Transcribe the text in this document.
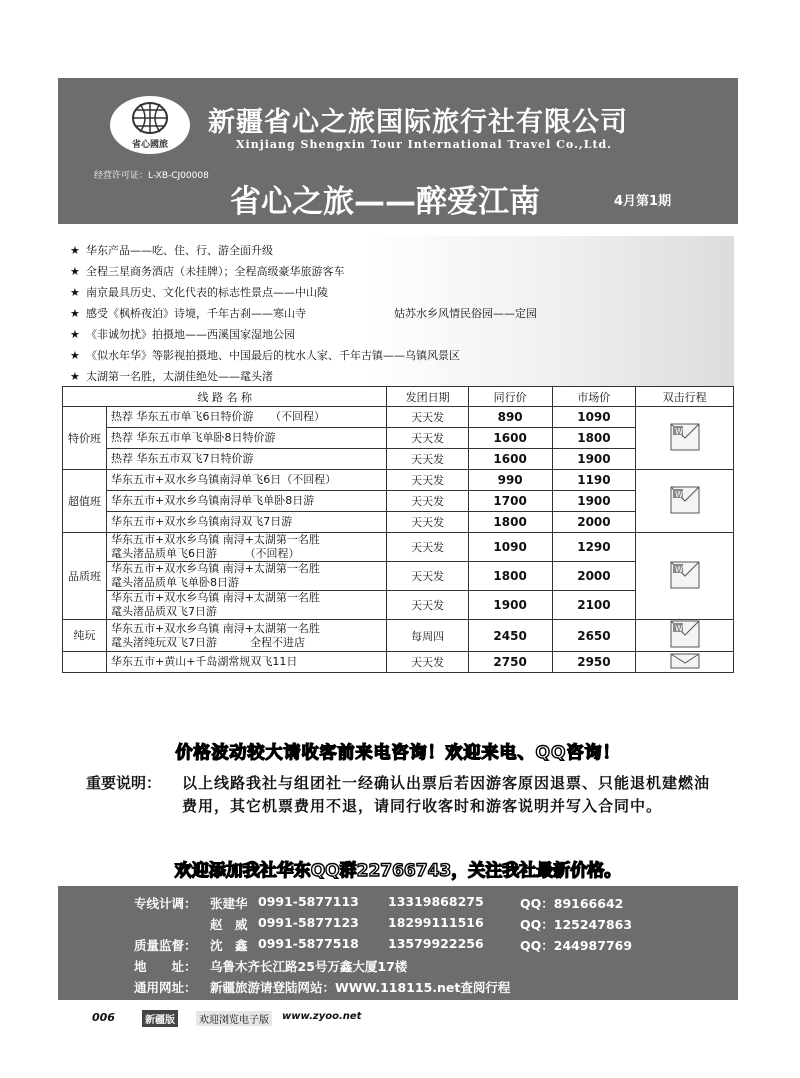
省心國旅
新疆省心之旅国际旅行社有限公司
Xinjiang Shengxin Tour International Travel Co.,Ltd.
经营许可证：L-XB-CJ00008
省心之旅——醉爱江南	4月第1期
★ 华东产品——吃、住、行、游全面升级
★ 全程三星商务酒店（未挂牌）；全程高级豪华旅游客车
★ 南京最具历史、文化代表的标志性景点——中山陵
★ 感受《枫桥夜泊》诗境，千年古刹——寒山寺	姑苏水乡风情民俗园——定园
★ 《非诚勿扰》拍摄地——西溪国家湿地公园
★ 《似水年华》等影视拍摄地、中国最后的枕水人家、千年古镇——乌镇风景区
★ 太湖第一名胜，太湖佳绝处——鼋头渚
线 路 名 称		发团日期	同行价	市场价	双击行程
特价班	热荐 华东五市单飞6日特价游　　（不回程）	天天发	890	1090	W

	热荐 华东五市单飞单卧8日特价游	天天发	1600	1800	
	热荐 华东五市双飞7日特价游	天天发	1600	1900	
超值班	华东五市+双水乡乌镇南浔单飞6日（不回程）	天天发	990	1190	W

	华东五市+双水乡乌镇南浔单飞单卧8日游	天天发	1700	1900	
	华东五市+双水乡乌镇南浔双飞7日游	天天发	1800	2000	
品质班	华东五市+双水乡乌镇 南浔+太湖第一名胜
鼋头渚品质单飞6日游　　　（不回程）	天天发	1090	1290	W

	华东五市+双水乡乌镇 南浔+太湖第一名胜
鼋头渚品质单飞单卧8日游	天天发	1800	2000	

	华东五市+双水乡乌镇 南浔+太湖第一名胜
鼋头渚品质双飞7日游	天天发	1900	2100	
纯玩	华东五市+双水乡乌镇 南浔+太湖第一名胜
鼋头渚纯玩双飞7日游　　　全程不进店	每周四	2450	2650	W

	华东五市+黄山+千岛湖常规双飞11日	天天发	2750	2950	
价格波动较大请收客前来电咨询！欢迎来电、QQ咨询！
重要说明： 以上线路我社与组团社一经确认出票后若因游客原因退票、只能退机建燃油费用，其它机票费用不退，请同行收客时和游客说明并写入合同中。
欢迎添加我社华东QQ群22766743，关注我社最新价格。
专线计调： 张建华 0991-5877113 13319868275	QQ：89166642
赵　威 0991-5877123 18299111516	QQ：125247863
质量监督： 沈　鑫 0991-5877518 13579922256	QQ：244987769
地　　址： 乌鲁木齐长江路25号万鑫大厦17楼
通用网址： 新疆旅游请登陆网站：WWW.118115.net查阅行程
006	新疆版	欢迎浏览电子版	www.zyoo.net
